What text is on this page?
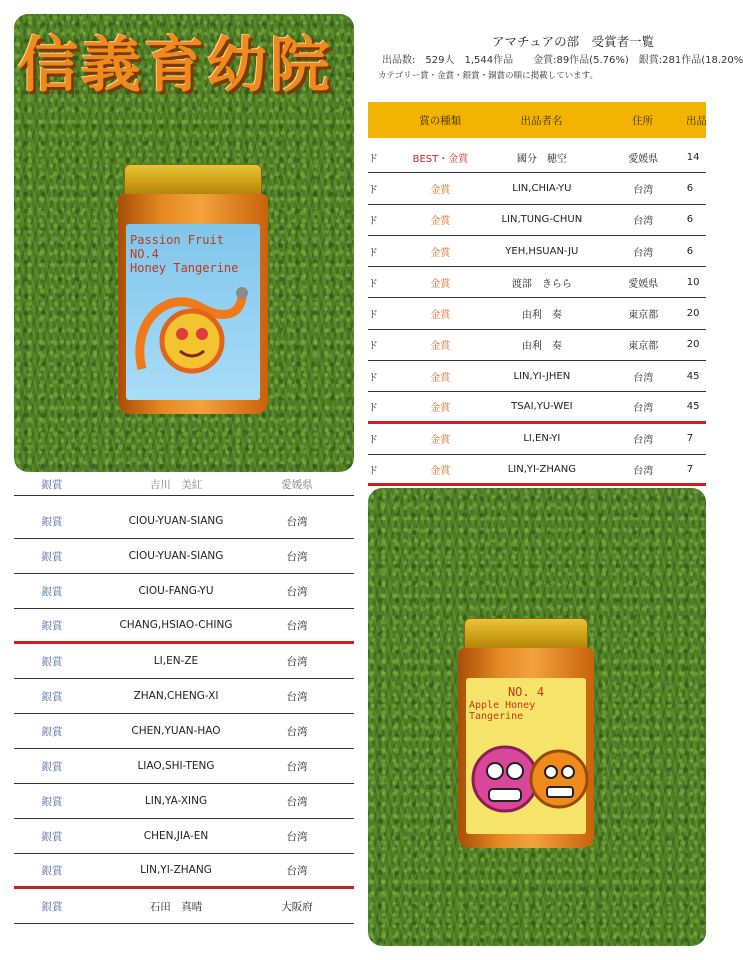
Passion Fruit NO.4
Honey Tangerine
信義育幼院	アマチュアの部　受賞者一覧
出品数:　529人　1,544作品　　金賞:89作品(5.76%)　銀賞:281作品(18.20%
カテゴリー賞・金賞・銀賞・銅賞の順に掲載しています。
賞の種類	出品者名	住所	出品
ド	BEST・金賞	國分　穂空	愛媛県	14
ド	金賞	LIN,CHIA-YU	台湾	6
ド	金賞	LIN,TUNG-CHUN	台湾	6
ド	金賞	YEH,HSUAN-JU	台湾	6
ド	金賞	渡部　きらら	愛媛県	10
ド	金賞	由利　奏	東京都	20
ド	金賞	由利　奏	東京都	20
ド	金賞	LIN,YI-JHEN	台湾	45
ド	金賞	TSAI,YU-WEI	台湾	45
ド	金賞	LI,EN-YI	台湾	7
ド	金賞	LIN,YI-ZHANG	台湾	7
銀賞	吉川　美紅	愛媛県
銀賞	CIOU-YUAN-SIANG	台湾
銀賞	CIOU-YUAN-SIANG	台湾
銀賞	CIOU-FANG-YU	台湾
銀賞	CHANG,HSIAO-CHING	台湾
銀賞	LI,EN-ZE	台湾
銀賞	ZHAN,CHENG-XI	台湾
銀賞	CHEN,YUAN-HAO	台湾
銀賞	LIAO,SHI-TENG	台湾
銀賞	LIN,YA-XING	台湾
銀賞	CHEN,JIA-EN	台湾
銀賞	LIN,YI-ZHANG	台湾
銀賞	石田　真晴	大阪府
NO. 4
Apple Honey Tangerine
